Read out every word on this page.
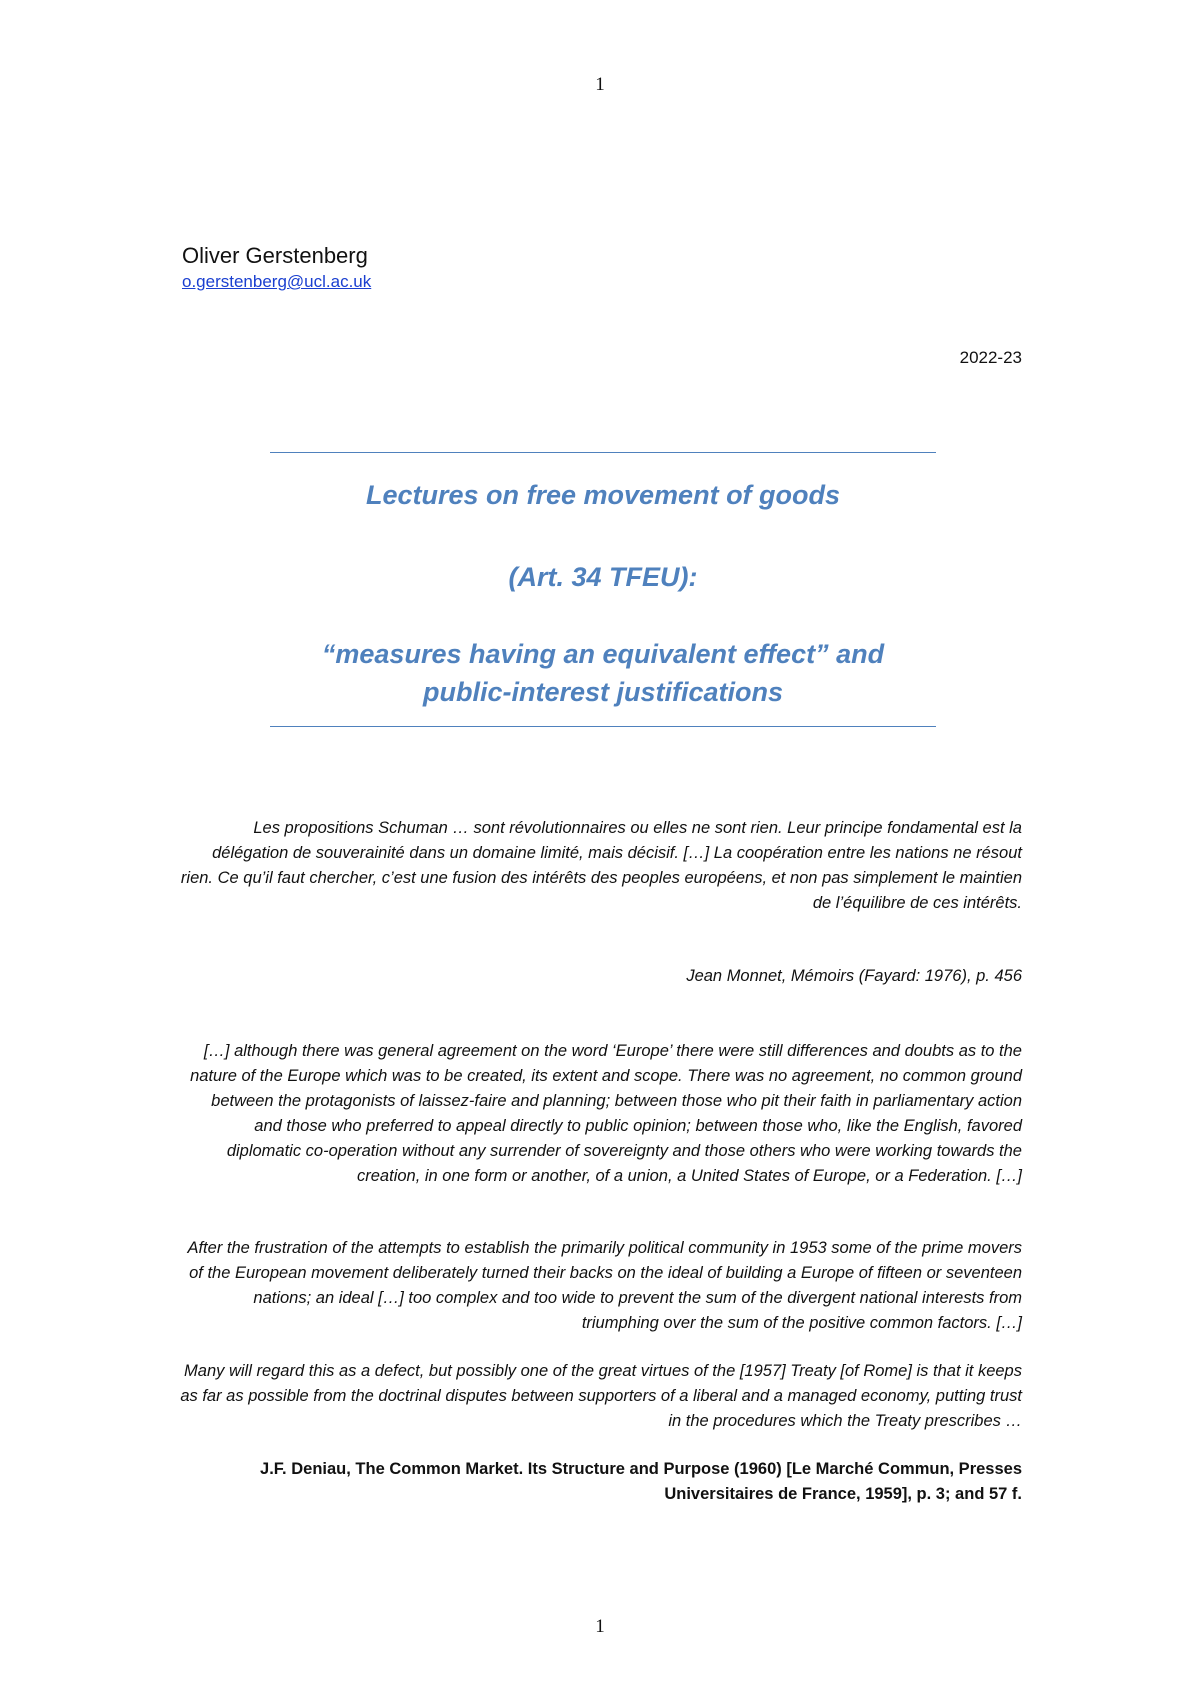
1
Oliver Gerstenberg
o.gerstenberg@ucl.ac.uk
2022-23
Lectures on free movement of goods
(Art. 34 TFEU):
“measures having an equivalent effect” and
public-interest justifications
Les propositions Schuman … sont révolutionnaires ou elles ne sont rien. Leur principe fondamental est la délégation de souverainité dans un domaine limité, mais décisif. […] La coopération entre les nations ne résout rien. Ce qu’il faut chercher, c’est une fusion des intérêts des peoples européens, et non pas simplement le maintien de l’équilibre de ces intérêts.
Jean Monnet, Mémoirs (Fayard: 1976), p. 456
[…] although there was general agreement on the word ‘Europe’ there were still differences and doubts as to the nature of the Europe which was to be created, its extent and scope. There was no agreement, no common ground between the protagonists of laissez-faire and planning; between those who pit their faith in parliamentary action and those who preferred to appeal directly to public opinion; between those who, like the English, favored diplomatic co-operation without any surrender of sovereignty and those others who were working towards the creation, in one form or another, of a union, a United States of Europe, or a Federation. […]
After the frustration of the attempts to establish the primarily political community in 1953 some of the prime movers of the European movement deliberately turned their backs on the ideal of building a Europe of fifteen or seventeen nations; an ideal […] too complex and too wide to prevent the sum of the divergent national interests from triumphing over the sum of the positive common factors. […]
Many will regard this as a defect, but possibly one of the great virtues of the [1957] Treaty [of Rome] is that it keeps as far as possible from the doctrinal disputes between supporters of a liberal and a managed economy, putting trust in the procedures which the Treaty prescribes …
J.F. Deniau, The Common Market. Its Structure and Purpose (1960) [Le Marché Commun, Presses Universitaires de France, 1959], p. 3; and 57 f.
1
